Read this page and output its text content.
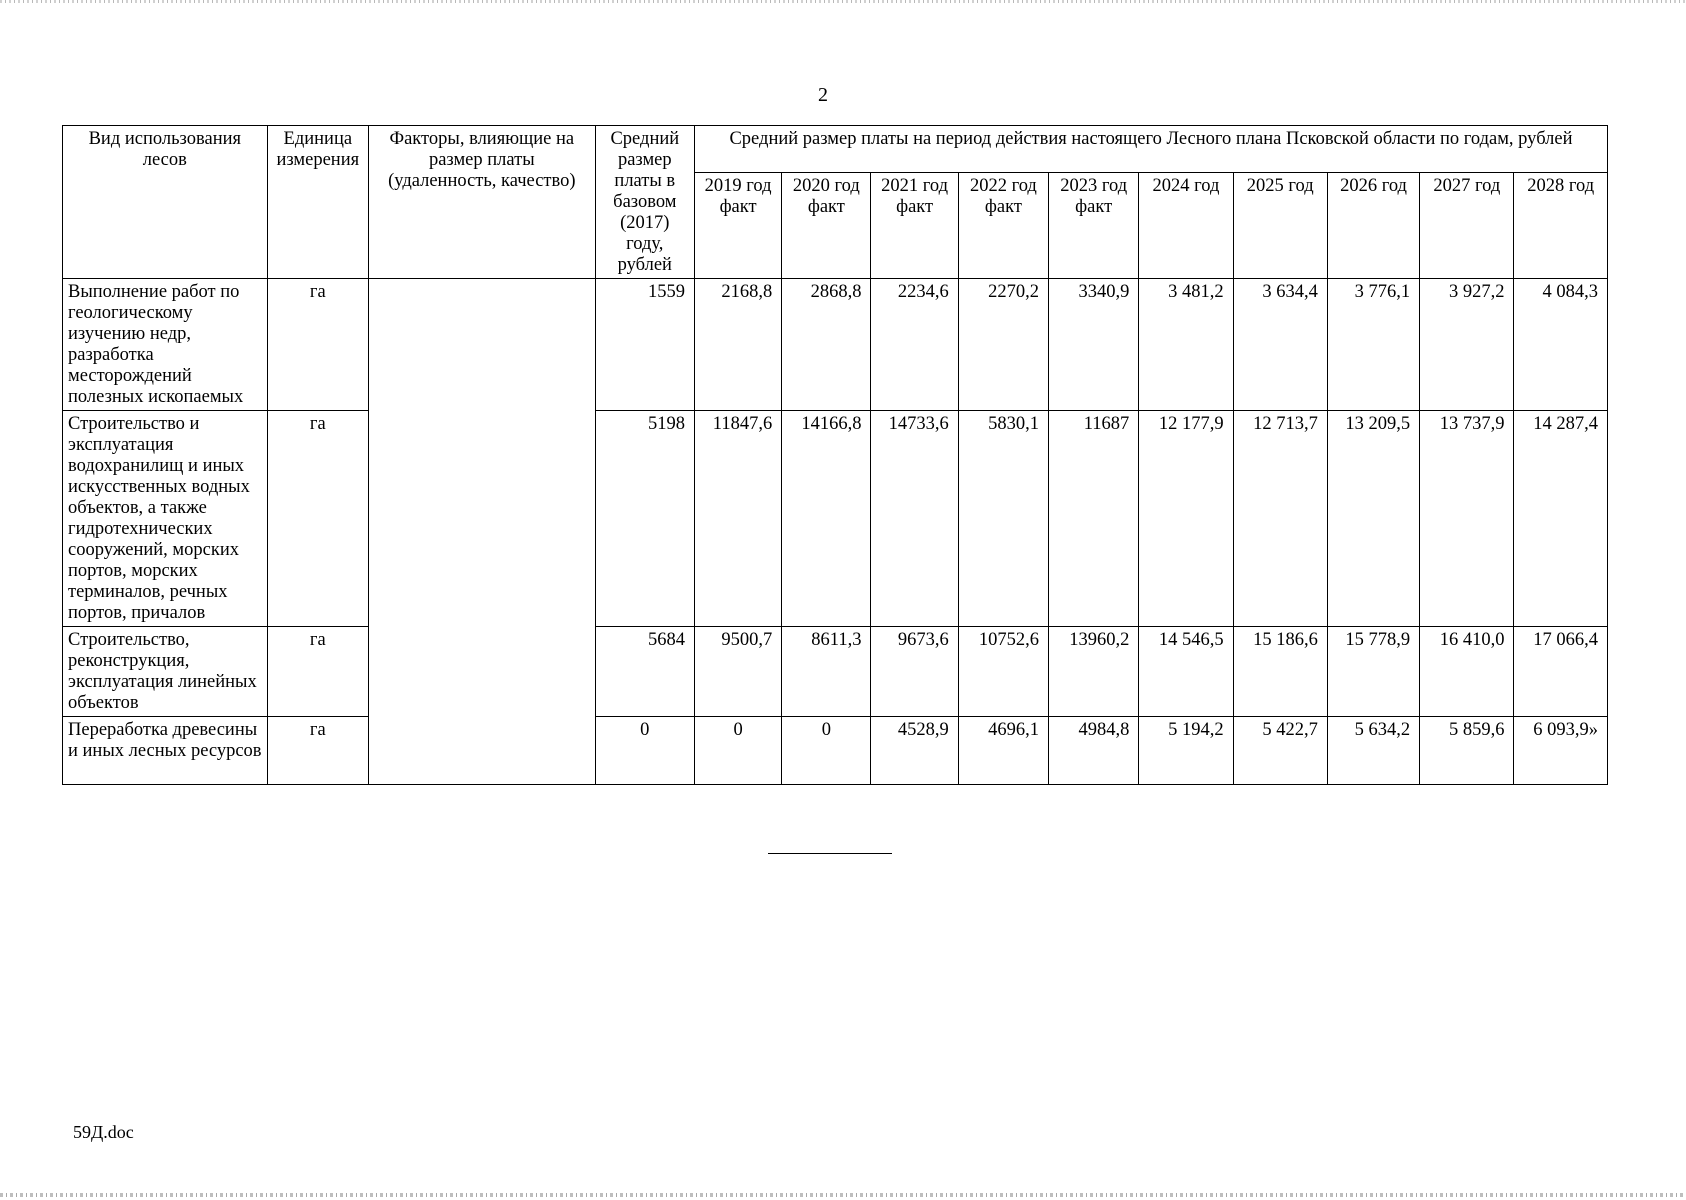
2
Вид использования лесов	Единица измерения	Факторы, влияющие на размер платы (удаленность, качество)	Средний размер платы в базовом (2017) году, рублей	Средний размер платы на период действия настоящего Лесного плана Псковской области по годам, рублей									
				2019 год факт	2020 год факт	2021 год факт	2022 год факт	2023 год факт	2024 год	2025 год	2026 год	2027 год	2028 год
Выполнение работ по геологическому изучению недр, разработка месторождений полезных ископаемых	га		1559	2168,8	2868,8	2234,6	2270,2	3340,9	3 481,2	3 634,4	3 776,1	3 927,2	4 084,3
Строительство и эксплуатация водохранилищ и иных искусственных водных объектов, а также гидротехнических сооружений, морских портов, морских терминалов, речных портов, причалов	га		5198	11847,6	14166,8	14733,6	5830,1	11687	12 177,9	12 713,7	13 209,5	13 737,9	14 287,4
Строительство, реконструкция, эксплуатация линейных объектов	га		5684	9500,7	8611,3	9673,6	10752,6	13960,2	14 546,5	15 186,6	15 778,9	16 410,0	17 066,4
Переработка древесины и иных лесных ресурсов	га		0	0	0	4528,9	4696,1	4984,8	5 194,2	5 422,7	5 634,2	5 859,6	6 093,9»
59Д.doc
